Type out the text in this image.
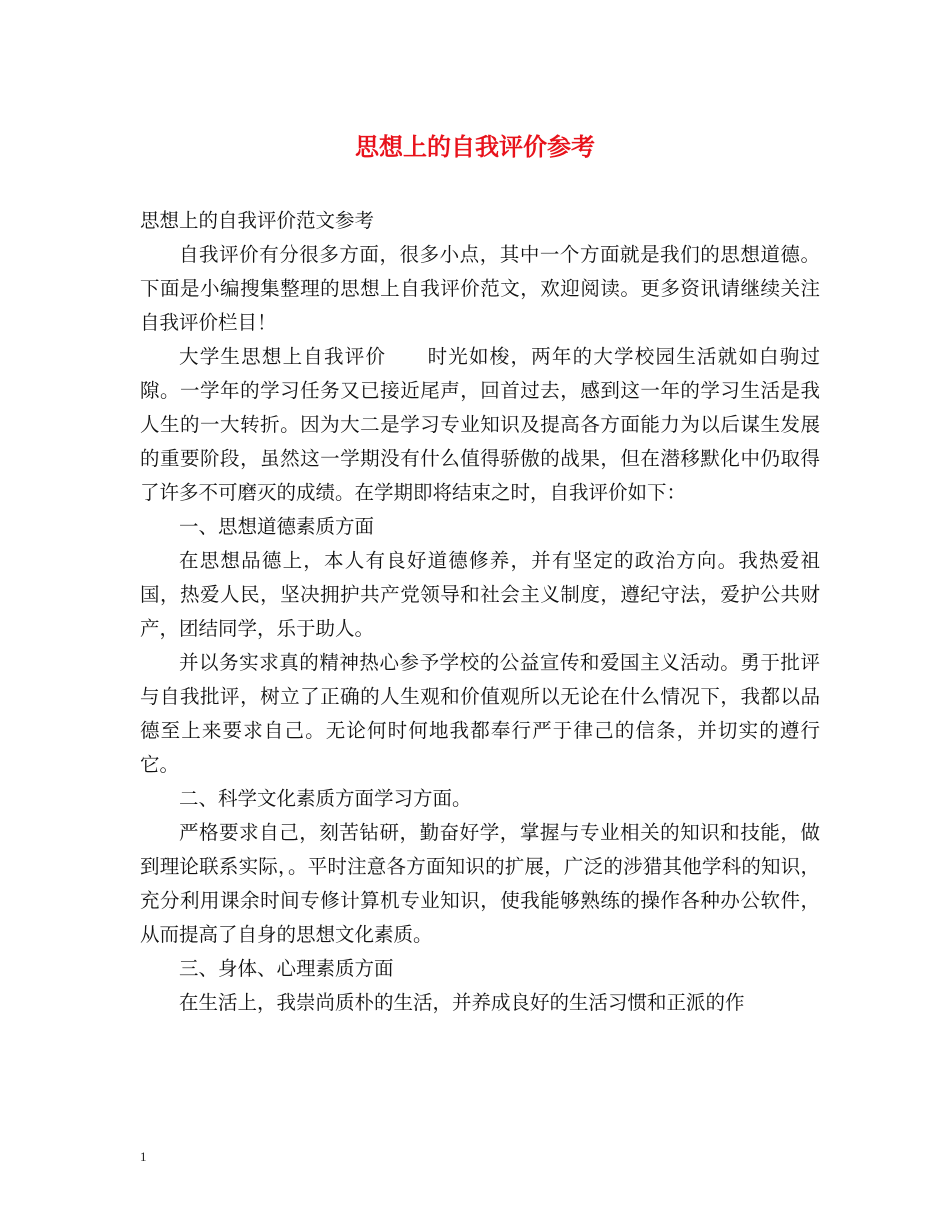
思想上的自我评价参考

思想上的自我评价范文参考

自我评价有分很多方面，很多小点，其中一个方面就是我们的思想道德。下面是小编搜集整理的思想上自我评价范文，欢迎阅读。更多资讯请继续关注自我评价栏目！

大学生思想上自我评价　　时光如梭，两年的大学校园生活就如白驹过隙。一学年的学习任务又已接近尾声，回首过去，感到这一年的学习生活是我人生的一大转折。因为大二是学习专业知识及提高各方面能力为以后谋生发展的重要阶段，虽然这一学期没有什么值得骄傲的战果，但在潜移默化中仍取得了许多不可磨灭的成绩。在学期即将结束之时，自我评价如下：

一、思想道德素质方面

在思想品德上，本人有良好道德修养，并有坚定的政治方向。我热爱祖国，热爱人民，坚决拥护共产党领导和社会主义制度，遵纪守法，爱护公共财产，团结同学，乐于助人。

并以务实求真的精神热心参予学校的公益宣传和爱国主义活动。勇于批评与自我批评，树立了正确的人生观和价值观所以无论在什么情况下，我都以品德至上来要求自己。无论何时何地我都奉行严于律己的信条，并切实的遵行它。

二、科学文化素质方面学习方面。

严格要求自己，刻苦钻研，勤奋好学，掌握与专业相关的知识和技能，做到理论联系实际，。平时注意各方面知识的扩展，广泛的涉猎其他学科的知识，充分利用课余时间专修计算机专业知识，使我能够熟练的操作各种办公软件，从而提高了自身的思想文化素质。

三、身体、心理素质方面

在生活上，我崇尚质朴的生活，并养成良好的生活习惯和正派的作

1
